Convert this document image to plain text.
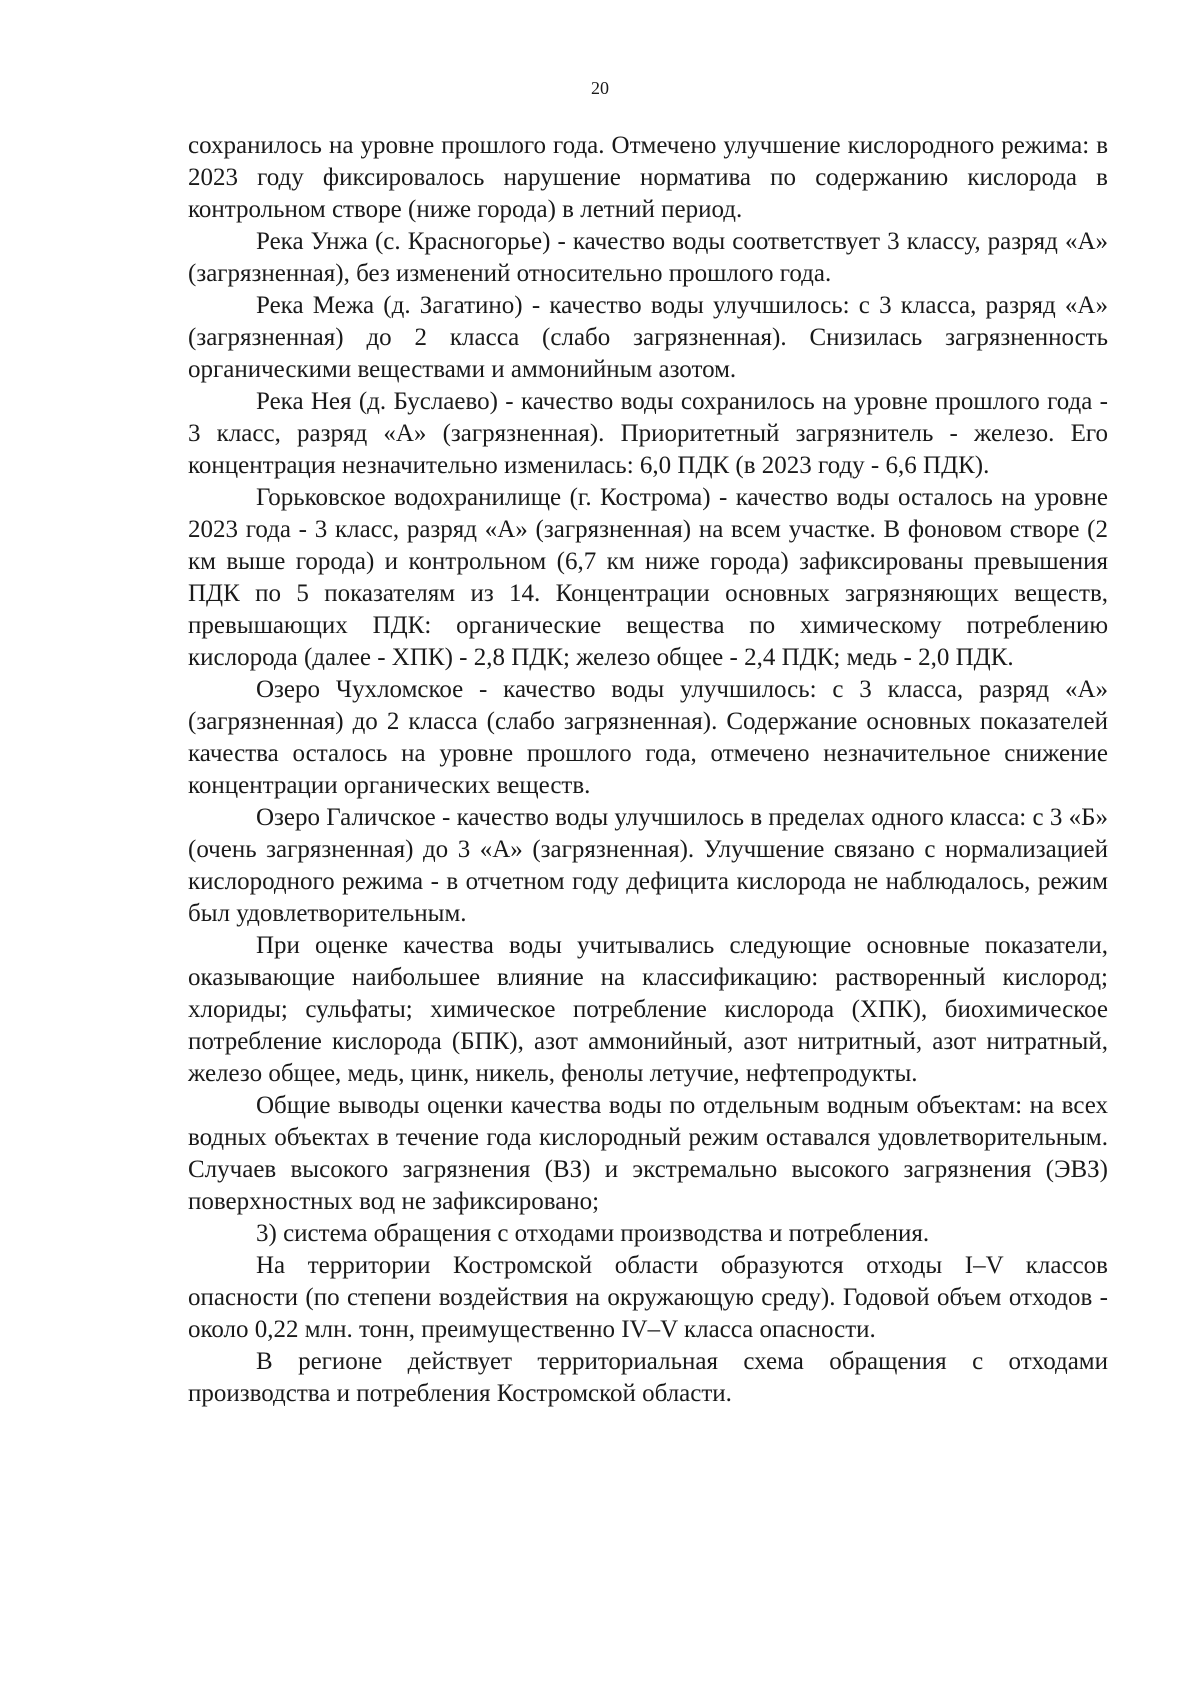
20

сохранилось на уровне прошлого года. Отмечено улучшение кислородного режима: в 2023 году фиксировалось нарушение норматива по содержанию кислорода в контрольном створе (ниже города) в летний период.

Река Унжа (с. Красногорье) - качество воды соответствует 3 классу, разряд «А» (загрязненная), без изменений относительно прошлого года.

Река Межа (д. Загатино) - качество воды улучшилось: с 3 класса, разряд «А» (загрязненная) до 2 класса (слабо загрязненная). Снизилась загрязненность органическими веществами и аммонийным азотом.

Река Нея (д. Буслаево) - качество воды сохранилось на уровне прошлого года - 3 класс, разряд «А» (загрязненная). Приоритетный загрязнитель - железо. Его концентрация незначительно изменилась: 6,0 ПДК (в 2023 году - 6,6 ПДК).

Горьковское водохранилище (г. Кострома) - качество воды осталось на уровне 2023 года - 3 класс, разряд «А» (загрязненная) на всем участке. В фоновом створе (2 км выше города) и контрольном (6,7 км ниже города) зафиксированы превышения ПДК по 5 показателям из 14. Концентрации основных загрязняющих веществ, превышающих ПДК: органические вещества по химическому потреблению кислорода (далее - ХПК) - 2,8 ПДК; железо общее - 2,4 ПДК; медь - 2,0 ПДК.

Озеро Чухломское - качество воды улучшилось: с 3 класса, разряд «А» (загрязненная) до 2 класса (слабо загрязненная). Содержание основных показателей качества осталось на уровне прошлого года, отмечено незначительное снижение концентрации органических веществ.

Озеро Галичское - качество воды улучшилось в пределах одного класса: с 3 «Б» (очень загрязненная) до 3 «А» (загрязненная). Улучшение связано с нормализацией кислородного режима - в отчетном году дефицита кислорода не наблюдалось, режим был удовлетворительным.

При оценке качества воды учитывались следующие основные показатели, оказывающие наибольшее влияние на классификацию: растворенный кислород; хлориды; сульфаты; химическое потребление кислорода (ХПК), биохимическое потребление кислорода (БПК), азот аммонийный, азот нитритный, азот нитратный, железо общее, медь, цинк, никель, фенолы летучие, нефтепродукты.

Общие выводы оценки качества воды по отдельным водным объектам: на всех водных объектах в течение года кислородный режим оставался удовлетворительным. Случаев высокого загрязнения (ВЗ) и экстремально высокого загрязнения (ЭВЗ) поверхностных вод не зафиксировано;

3) система обращения с отходами производства и потребления.

На территории Костромской области образуются отходы I–V классов опасности (по степени воздействия на окружающую среду). Годовой объем отходов - около 0,22 млн. тонн, преимущественно IV–V класса опасности.

В регионе действует территориальная схема обращения с отходами производства и потребления Костромской области.
